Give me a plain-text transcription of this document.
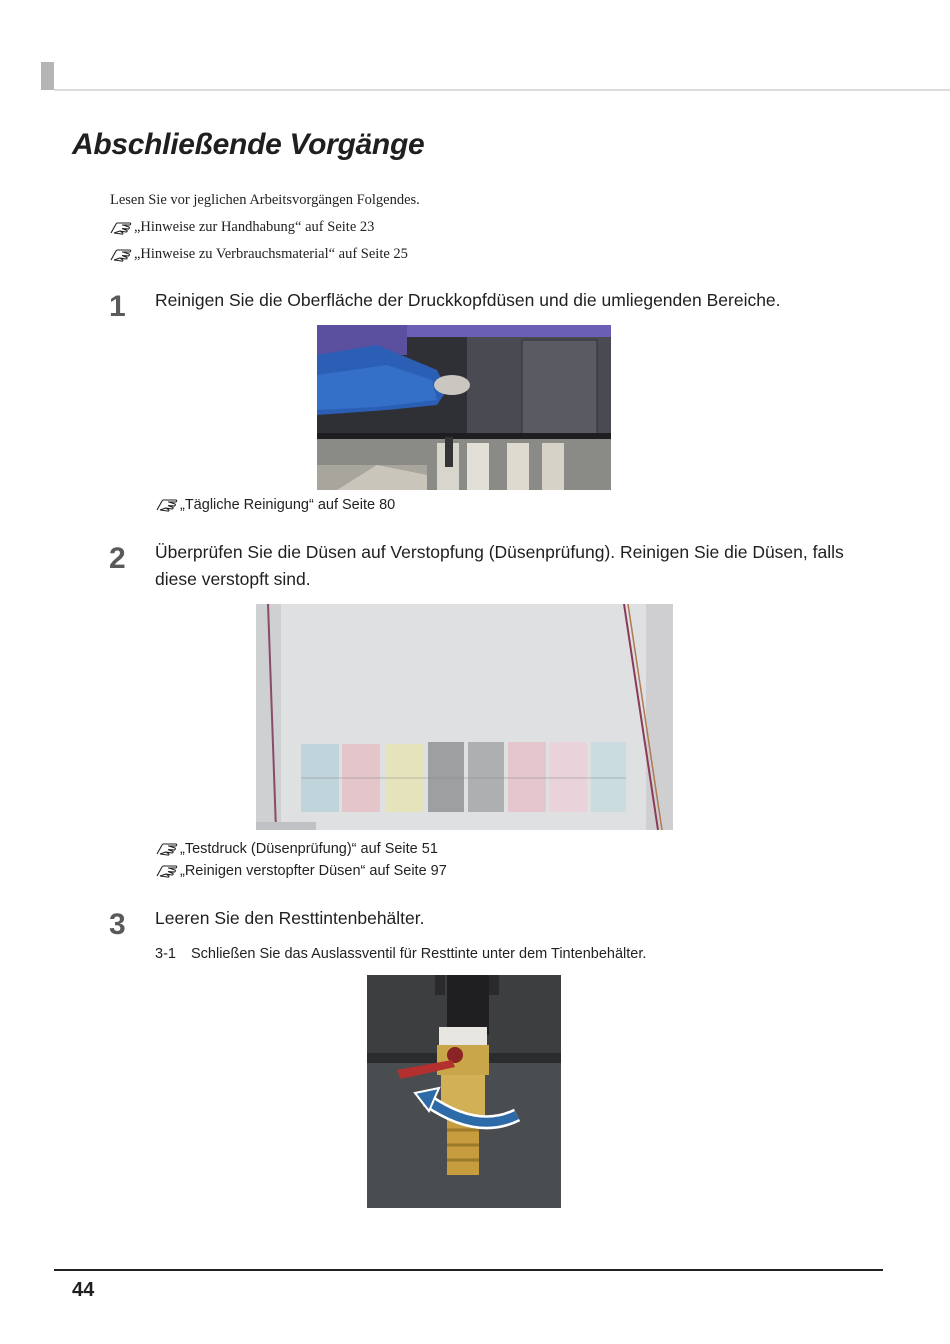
Abschließende Vorgänge
Lesen Sie vor jeglichen Arbeitsvorgängen Folgendes.
„Hinweise zur Handhabung“ auf Seite 23
„Hinweise zu Verbrauchsmaterial“ auf Seite 25
1 Reinigen Sie die Oberfläche der Druckkopfdüsen und die umliegenden Bereiche.
„Tägliche Reinigung“ auf Seite 80
2 Überprüfen Sie die Düsen auf Verstopfung (Düsenprüfung). Reinigen Sie die Düsen, falls diese verstopft sind.
„Testdruck (Düsenprüfung)“ auf Seite 51
„Reinigen verstopfter Düsen“ auf Seite 97
3 Leeren Sie den Resttintenbehälter.
3-1 Schließen Sie das Auslassventil für Resttinte unter dem Tintenbehälter.
44
